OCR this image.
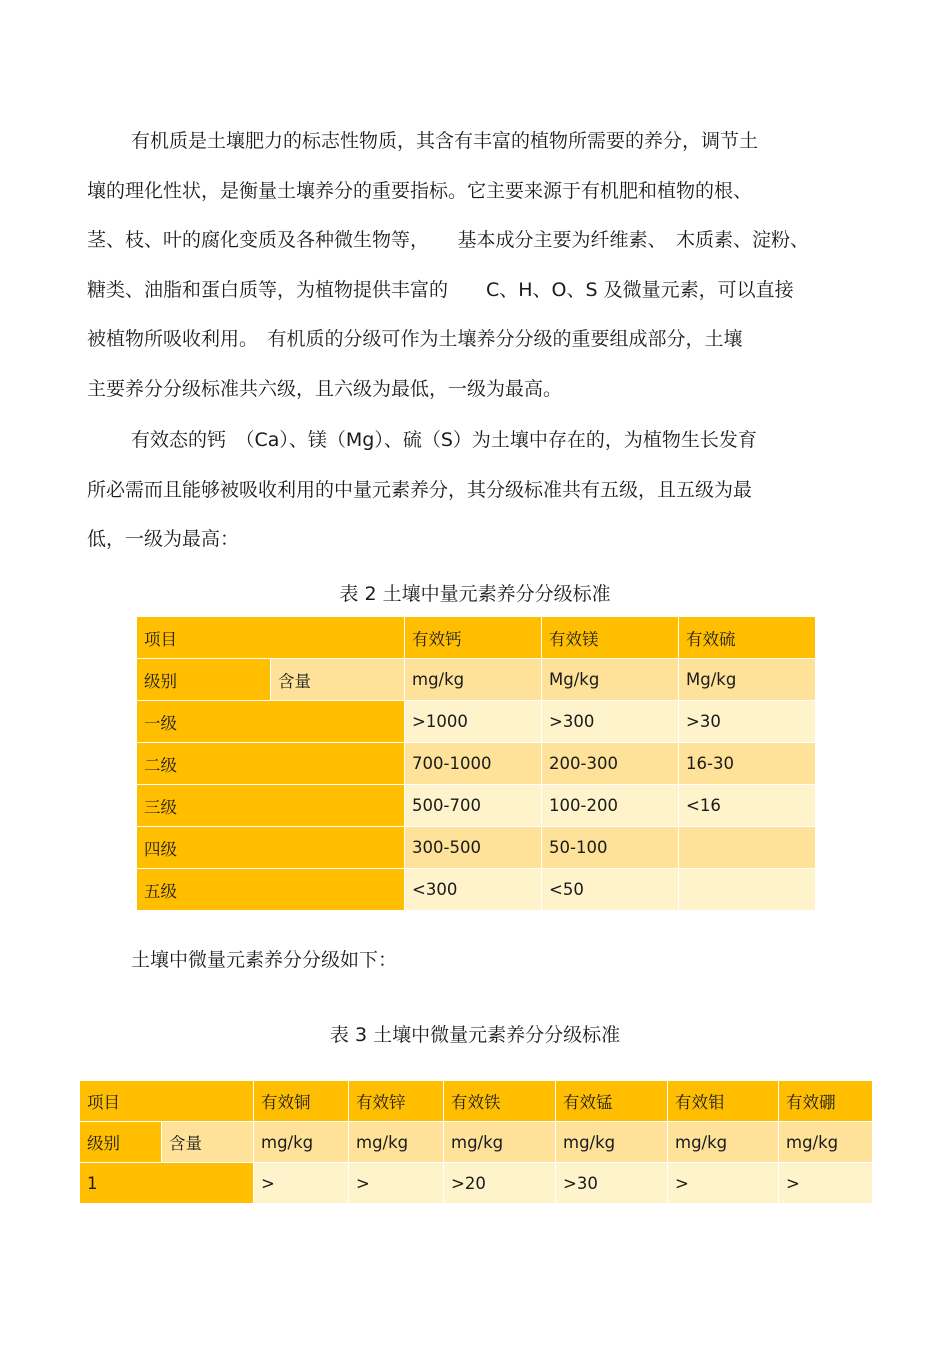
有机质是土壤肥力的标志性物质，其含有丰富的植物所需要的养分，调节土
壤的理化性状，是衡量土壤养分的重要指标。它主要来源于有机肥和植物的根、
茎、枝、叶的腐化变质及各种微生物等，　　基本成分主要为纤维素、　木质素、淀粉、
糖类、油脂和蛋白质等，为植物提供丰富的　　C、H、O、S 及微量元素，可以直接
被植物所吸收利用。　有机质的分级可作为土壤养分分级的重要组成部分，土壤
主要养分分级标准共六级，且六级为最低，一级为最高。
有效态的钙　（Ca）、镁（Mg）、硫（S）为土壤中存在的，为植物生长发育
所必需而且能够被吸收利用的中量元素养分，其分级标准共有五级，且五级为最
低，一级为最高：

表 2 土壤中量元素养分分级标准

项目		有效钙	有效镁	有效硫
级别	含量	mg/kg	Mg/kg	Mg/kg
一级		>1000	>300	>30
二级		700-1000	200-300	16-30
三级		500-700	100-200	<16
四级		300-500	50-100	
五级		<300	<50	

土壤中微量元素养分分级如下：

表 3 土壤中微量元素养分分级标准

项目		有效铜	有效锌	有效铁	有效锰	有效钼	有效硼
级别	含量	mg/kg	mg/kg	mg/kg	mg/kg	mg/kg	mg/kg
1		>	>	>20	>30	>	>
